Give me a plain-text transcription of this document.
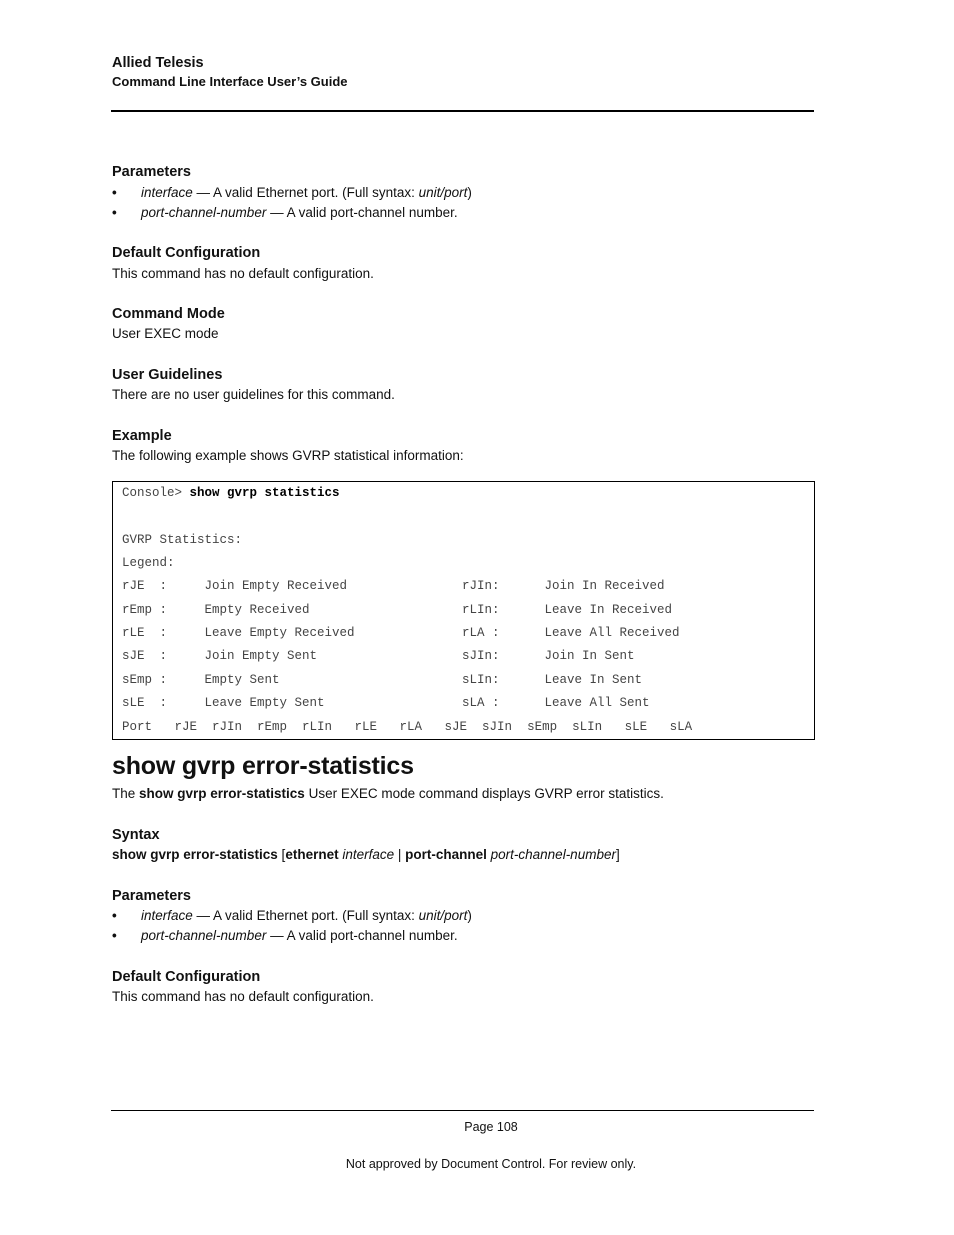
Allied Telesis
Command Line Interface User’s Guide
Parameters
• interface — A valid Ethernet port. (Full syntax: unit/port)
• port-channel-number — A valid port-channel number.
Default Configuration
This command has no default configuration.
Command Mode
User EXEC mode
User Guidelines
There are no user guidelines for this command.
Example
The following example shows GVRP statistical information:
Console> show gvrp statistics
GVRP Statistics:
Legend:
rJE  :     Join Empty Received	rJIn:      Join In Received
rEmp :     Empty Received	rLIn:      Leave In Received
rLE  :     Leave Empty Received	rLA :      Leave All Received
sJE  :     Join Empty Sent	sJIn:      Join In Sent
sEmp :     Empty Sent	sLIn:      Leave In Sent
sLE  :     Leave Empty Sent	sLA :      Leave All Sent
Port   rJE  rJIn  rEmp  rLIn   rLE   rLA   sJE  sJIn  sEmp  sLIn   sLE   sLA
show gvrp error-statistics
The show gvrp error-statistics User EXEC mode command displays GVRP error statistics.
Syntax
show gvrp error-statistics [ethernet interface | port-channel port-channel-number]
Parameters
• interface — A valid Ethernet port. (Full syntax: unit/port)
• port-channel-number — A valid port-channel number.
Default Configuration
This command has no default configuration.
Page 108
Not approved by Document Control. For review only.
